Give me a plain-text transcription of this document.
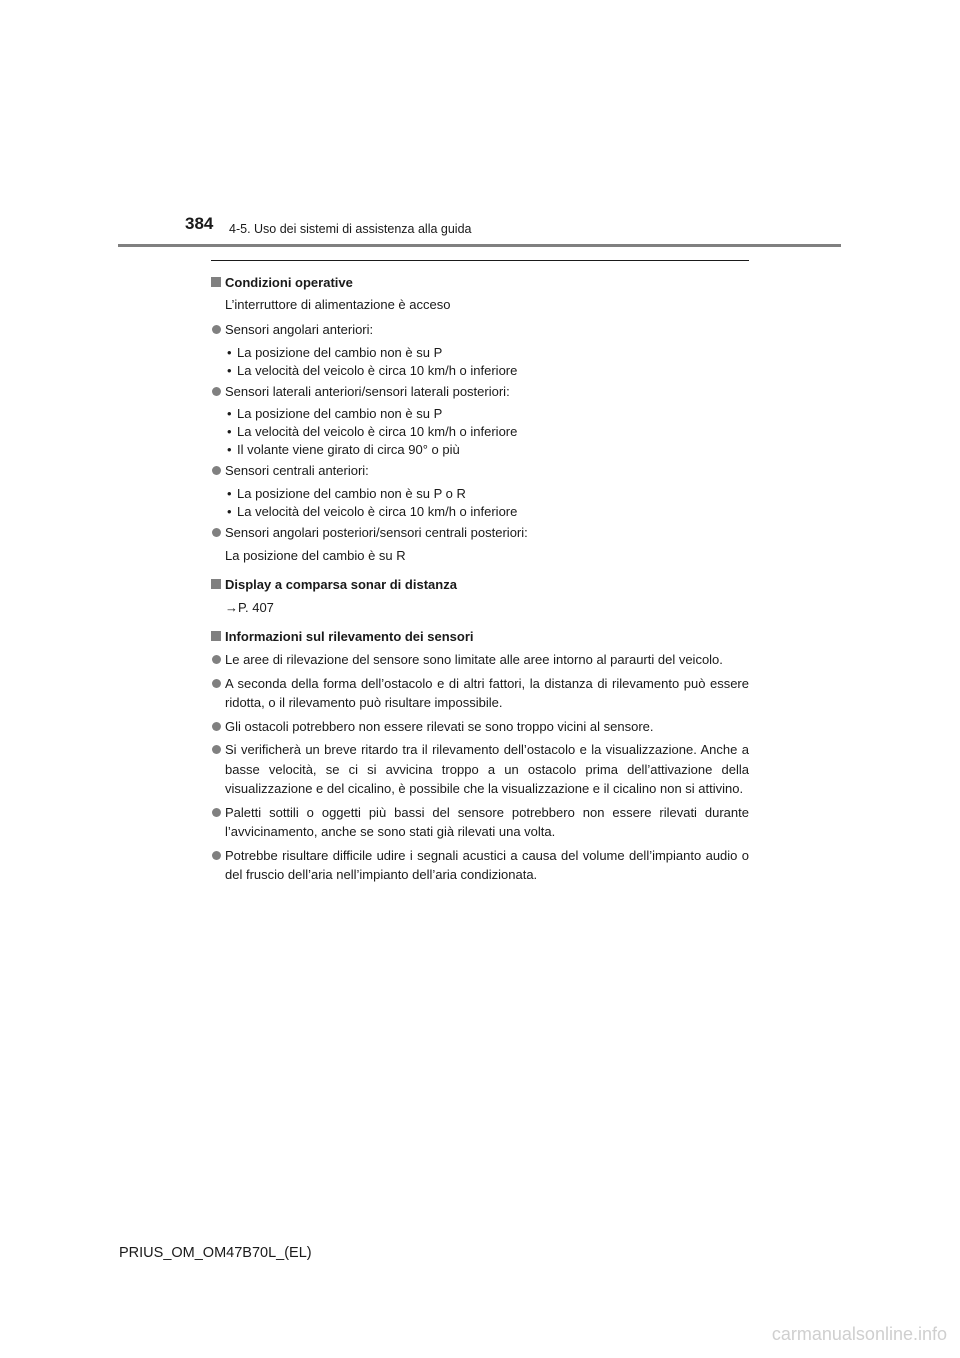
384 4-5. Uso dei sistemi di assistenza alla guida
Condizioni operative
L’interruttore di alimentazione è acceso
Sensori angolari anteriori:
• La posizione del cambio non è su P
• La velocità del veicolo è circa 10 km/h o inferiore
Sensori laterali anteriori/sensori laterali posteriori:
• La posizione del cambio non è su P
• La velocità del veicolo è circa 10 km/h o inferiore
• Il volante viene girato di circa 90° o più
Sensori centrali anteriori:
• La posizione del cambio non è su P o R
• La velocità del veicolo è circa 10 km/h o inferiore
Sensori angolari posteriori/sensori centrali posteriori:
La posizione del cambio è su R
Display a comparsa sonar di distanza
→P. 407
Informazioni sul rilevamento dei sensori
Le aree di rilevazione del sensore sono limitate alle aree intorno al paraurti del veicolo.
A seconda della forma dell’ostacolo e di altri fattori, la distanza di rilevamento può essere ridotta, o il rilevamento può risultare impossibile.
Gli ostacoli potrebbero non essere rilevati se sono troppo vicini al sensore.
Si verificherà un breve ritardo tra il rilevamento dell’ostacolo e la visualizzazione. Anche a basse velocità, se ci si avvicina troppo a un ostacolo prima dell’attivazione della visualizzazione e del cicalino, è possibile che la visualizzazione e il cicalino non si attivino.
Paletti sottili o oggetti più bassi del sensore potrebbero non essere rilevati durante l’avvicinamento, anche se sono stati già rilevati una volta.
Potrebbe risultare difficile udire i segnali acustici a causa del volume dell’impianto audio o del fruscio dell’aria nell’impianto dell’aria condizionata.
PRIUS_OM_OM47B70L_(EL)
carmanualsonline.info
